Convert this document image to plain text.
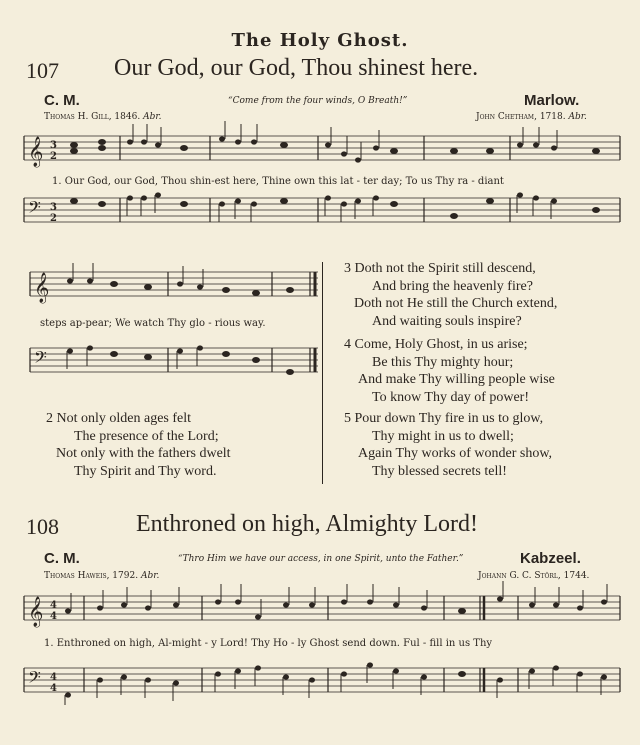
The Holy Ghost.
107 Our God, our God, Thou shinest here.
C. M.	“Come from the four winds, O Breath!”	Marlow.
Thomas H. Gill, 1846. Abr.	John Chetham, 1718. Abr.
𝄞 3
2
1. Our God, our God, Thou shin-est here, Thine own this lat - ter day; To us Thy ra - diant
𝄢 3
2
𝄞
steps ap-pear; We watch Thy glo - rious way.
𝄢
2 Not only olden ages felt
The presence of the Lord;
Not only with the fathers dwelt
Thy Spirit and Thy word.
3 Doth not the Spirit still descend,
And bring the heavenly fire?
Doth not He still the Church extend,
And waiting souls inspire?
4 Come, Holy Ghost, in us arise;
Be this Thy mighty hour;
And make Thy willing people wise
To know Thy day of power!
5 Pour down Thy fire in us to glow,
Thy might in us to dwell;
Again Thy works of wonder show,
Thy blessed secrets tell!
108	Enthroned on high, Almighty Lord!
C. M.	“Thro Him we have our access, in one Spirit, unto the Father.”	Kabzeel.
Thomas Haweis, 1792. Abr.	Johann G. C. Störl, 1744.
𝄞 4
4
1. Enthroned on high, Al-might - y Lord! Thy Ho - ly Ghost send down. Ful - fill in us Thy
𝄢 4
4
